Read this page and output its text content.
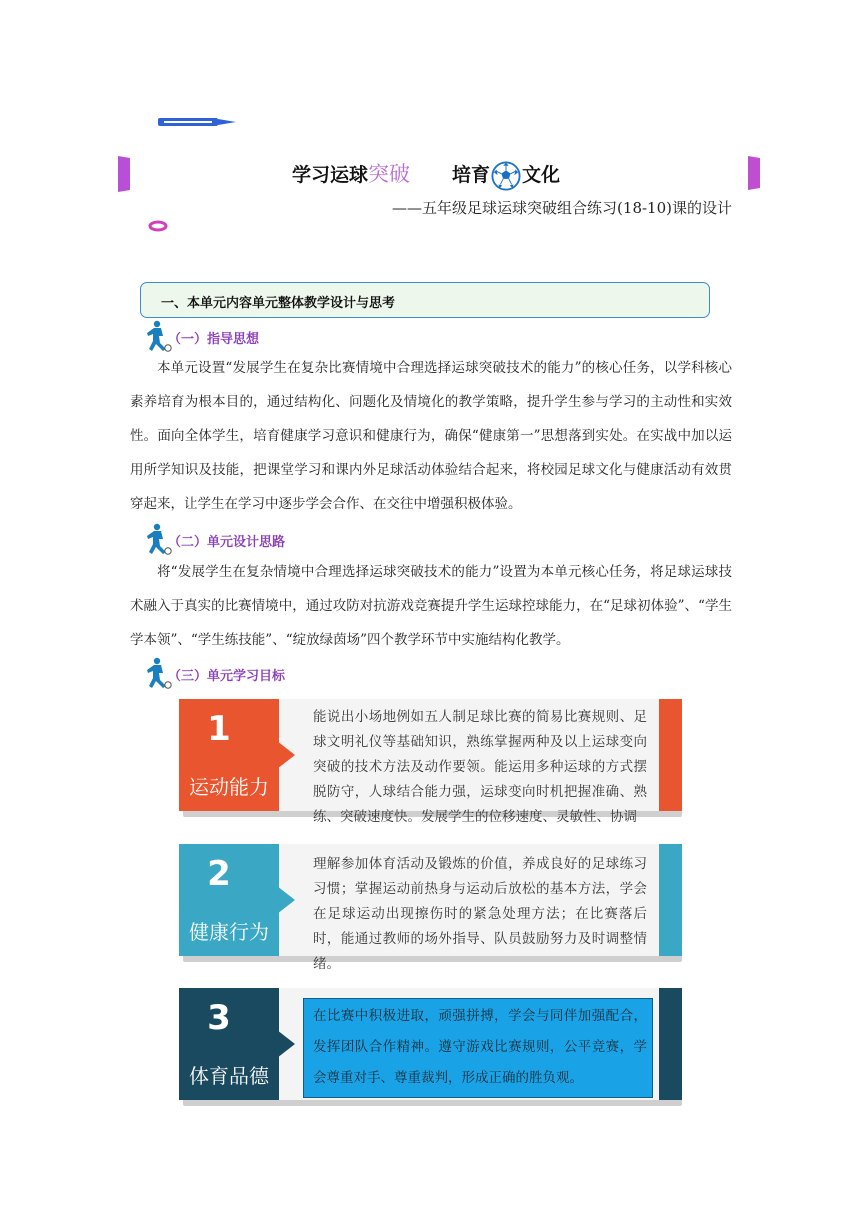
学习运球突破 培育 文化
——五年级足球运球突破组合练习(18-10)课的设计
一、本单元内容单元整体教学设计与思考
（一）指导思想

本单元设置“发展学生在复杂比赛情境中合理选择运球突破技术的能力”的核心任务，以学科核心素养培育为根本目的，通过结构化、问题化及情境化的教学策略，提升学生参与学习的主动性和实效性。面向全体学生，培育健康学习意识和健康行为，确保“健康第一”思想落到实处。在实战中加以运用所学知识及技能，把课堂学习和课内外足球活动体验结合起来，将校园足球文化与健康活动有效贯穿起来，让学生在学习中逐步学会合作、在交往中增强积极体验。

（二）单元设计思路

将“发展学生在复杂情境中合理选择运球突破技术的能力”设置为本单元核心任务，将足球运球技术融入于真实的比赛情境中，通过攻防对抗游戏竞赛提升学生运球控球能力，在“足球初体验”、“学生学本领”、“学生练技能”、“绽放绿茵场”四个教学环节中实施结构化教学。

（三）单元学习目标
1
运动能力

能说出小场地例如五人制足球比赛的简易比赛规则、足球文明礼仪等基础知识，熟练掌握两种及以上运球变向突破的技术方法及动作要领。能运用多种运球的方式摆脱防守，人球结合能力强，运球变向时机把握准确、熟练、突破速度快。发展学生的位移速度、灵敏性、协调

2
健康行为

理解参加体育活动及锻炼的价值，养成良好的足球练习习惯；掌握运动前热身与运动后放松的基本方法，学会在足球运动出现擦伤时的紧急处理方法；在比赛落后时，能通过教师的场外指导、队员鼓励努力及时调整情绪。

3
体育品德

在比赛中积极进取，顽强拼搏，学会与同伴加强配合，发挥团队合作精神。遵守游戏比赛规则，公平竞赛，学会尊重对手、尊重裁判，形成正确的胜负观。
